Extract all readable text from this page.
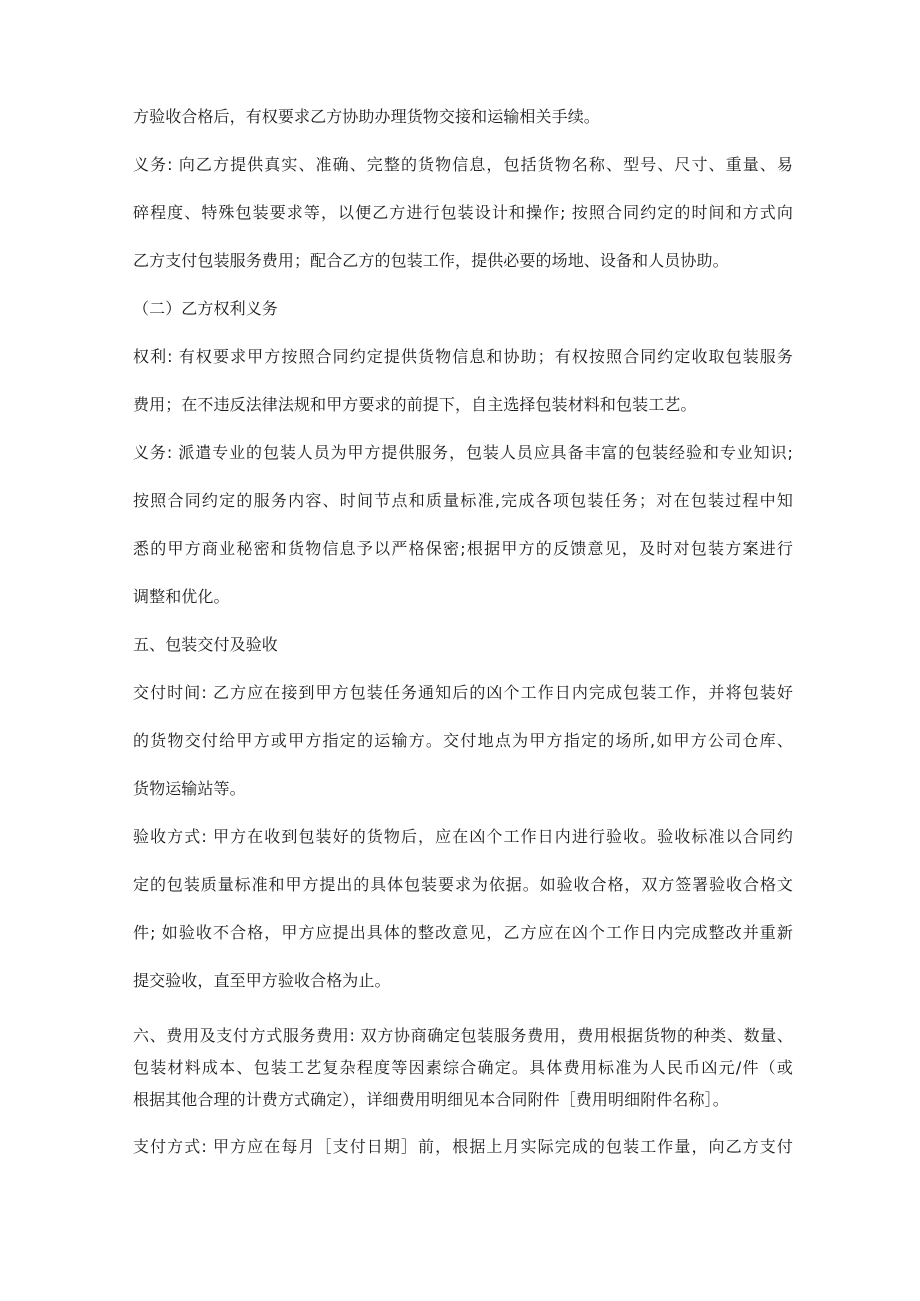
方验收合格后，有权要求乙方协助办理货物交接和运输相关手续。
义务: 向乙方提供真实、准确、完整的货物信息，包括货物名称、型号、尺寸、重量、易
碎程度、特殊包装要求等，以便乙方进行包装设计和操作; 按照合同约定的时间和方式向
乙方支付包装服务费用；配合乙方的包装工作，提供必要的场地、设备和人员协助。
（二）乙方权利义务
权利: 有权要求甲方按照合同约定提供货物信息和协助；有权按照合同约定收取包装服务
费用；在不违反法律法规和甲方要求的前提下，自主选择包装材料和包装工艺。
义务: 派遣专业的包装人员为甲方提供服务，包装人员应具备丰富的包装经验和专业知识;
按照合同约定的服务内容、时间节点和质量标准,完成各项包装任务；对在包装过程中知
悉的甲方商业秘密和货物信息予以严格保密;根据甲方的反馈意见，及时对包装方案进行
调整和优化。
五、包装交付及验收
交付时间: 乙方应在接到甲方包装任务通知后的凶个工作日内完成包装工作，并将包装好
的货物交付给甲方或甲方指定的运输方。交付地点为甲方指定的场所,如甲方公司仓库、
货物运输站等。
验收方式: 甲方在收到包装好的货物后，应在凶个工作日内进行验收。验收标准以合同约
定的包装质量标准和甲方提出的具体包装要求为依据。如验收合格，双方签署验收合格文
件; 如验收不合格，甲方应提出具体的整改意见，乙方应在凶个工作日内完成整改并重新
提交验收，直至甲方验收合格为止。
六、费用及支付方式服务费用: 双方协商确定包装服务费用，费用根据货物的种类、数量、
包装材料成本、包装工艺复杂程度等因素综合确定。具体费用标准为人民币凶元/件（或
根据其他合理的计费方式确定），详细费用明细见本合同附件［费用明细附件名称］。
支付方式: 甲方应在每月［支付日期］前，根据上月实际完成的包装工作量，向乙方支付
